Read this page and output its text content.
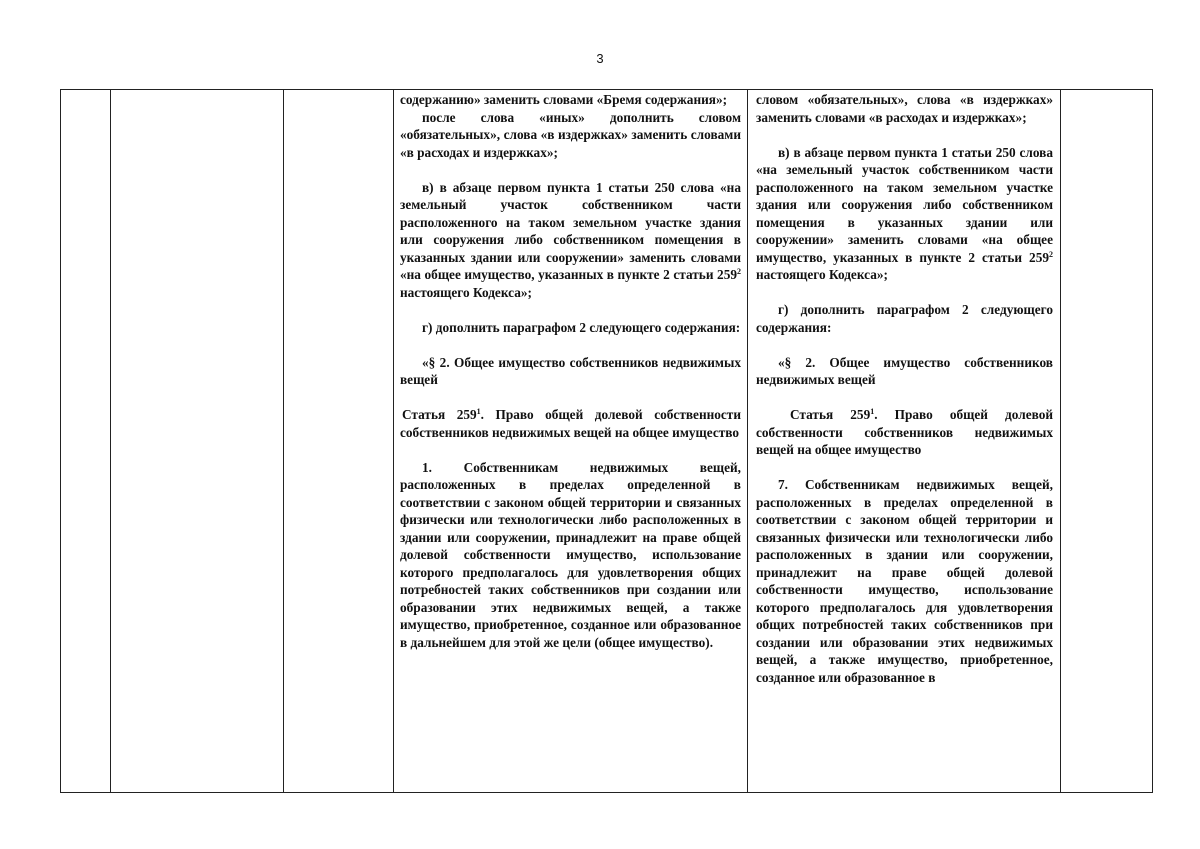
3

содержанию» заменить словами «Бремя содержания»;

после слова «иных» дополнить словом «обязательных», слова «в издержках» заменить словами «в расходах и издержках»;

в) в абзаце первом пункта 1 статьи 250 слова «на земельный участок собственником части расположенного на таком земельном участке здания или сооружения либо собственником помещения в указанных здании или сооружении» заменить словами «на общее имущество, указанных в пункте 2 статьи $259^2$ настоящего Кодекса»;

г) дополнить параграфом 2 следующего содержания:

«§ 2. Общее имущество собственников недвижимых вещей

Статья $259^1$. Право общей долевой собственности собственников недвижимых вещей на общее имущество

1. Собственникам недвижимых вещей, расположенных в пределах определенной в соответствии с законом общей территории и связанных физически или технологически либо расположенных в здании или сооружении, принадлежит на праве общей долевой собственности имущество, использование которого предполагалось для удовлетворения общих потребностей таких собственников при создании или образовании этих недвижимых вещей, а также имущество, приобретенное, созданное или образованное в дальнейшем для этой же цели (общее имущество).

словом «обязательных», слова «в издержках» заменить словами «в расходах и издержках»;

в) в абзаце первом пункта 1 статьи 250 слова «на земельный участок собственником части расположенного на таком земельном участке здания или сооружения либо собственником помещения в указанных здании или сооружении» заменить словами «на общее имущество, указанных в пункте 2 статьи $259^2$ настоящего Кодекса»;

г) дополнить параграфом 2 следующего содержания:

«§ 2. Общее имущество собственников недвижимых вещей

Статья $259^1$. Право общей долевой собственности собственников недвижимых вещей на общее имущество

7. Собственникам недвижимых вещей, расположенных в пределах определенной в соответствии с законом общей территории и связанных физически или технологически либо расположенных в здании или сооружении, принадлежит на праве общей долевой собственности имущество, использование которого предполагалось для удовлетворения общих потребностей таких собственников при создании или образовании этих недвижимых вещей, а также имущество, приобретенное, созданное или образованное в
